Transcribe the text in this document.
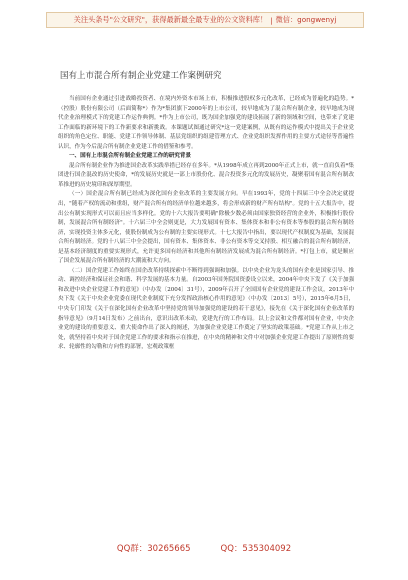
关注头条号"公文研究"，获得最新最全最专业的公文资料库！ | 微信：gongwenyj
国有上市混合所有制企业党建工作案例研究

当前国有企业通过引进战略投资者、在境内外资本市场上市，积极推进股权多元化改革，已经成为普遍化的趋势。*（控股）股份有限公司（后面简称*）作为*集团旗下2000年的上市公司，较早地成为了混合所有制企业，较早地成为现代企业治理模式下的党建工作运作典例。*作为上市公司，既为国企加强党的建设拓展了新的领域和空间，也带来了党建工作面临的新环境下的工作新要求和新挑战。本课题试图通过研究*这一党建案例，从既有的运作模式中提出关于企业党组织的角色定位、职能、党建工作领导体制、基层党组织的组建管理方式、企业党组织发挥作用的主要方式途径等普遍性认识，作为今后混合所有制企业党建工作的借鉴和参考。

一、国有上市混合所有制企业党建工作的研究背景

混合所有制企业作为推进国企改革实践举措已经存在多年。*从1998年成立再到2000年正式上市，就一直肩负着*集团进行国企混改的历史使命，*的发展历史就是一部上市股份化、混合投资多元化的发展历史，凝聚着国有混合所有制改革推进的历史境印和深厚期望。

（一）国企混合所有制已经成为深化国有企业改革的主要发展方向。早在1993年，党的十四届三中全会决定就提出，"随着产权的流动和重组，财产混合所有的经济单位越来越多，将会形成新的财产所有结构"。党的十五大报告中，提出公有制实现形式可以而且应当多样化。党的十六大报告要明确"除极少数必须由国家独资经营的企业外，积极推行股份制，发展混合所有制经济"。十六届三中全会则更是，大力发展国有资本、集体资本和非公有资本等参股的混合所有制经济，实现投资主体多元化，使股份制成为公有制的主要实现形式。十七大报告中指出，要以现代产权制度为基础，发展混合所有制经济。党的十八届三中全会提出，国有资本、集体资本、非公有资本等交叉持股、相互融合的混合所有制经济，是基本经济制度的重要实现形式，允许更多国有经济和其他所有制经济发展成为混合所有制经济。*打包上市，就是顺应了国企发展混合所有制经济的大潮流和大方向。

（二）国企党建工作始终在国企改革持续探索中不断得到强调和加强。以中央企业为龙头的国有企业是国家引导、推动、调控经济和保证社会和谐、科学发展的基本力量。自2003年国务院国资委设立以来，2004年中央下发了《关于加强和改进中央企业党建工作的意见》（中办发〔2004〕31号），2009年召开了全国国有企业党的建设工作会议，2013年中央下发《关于中央企业党委在现代企业制度下充分发挥政治核心作用的意见》（中办发〔2013〕5号），2015年6月5日，中央专门印发《关于在深化国有企业改革中坚持党的领导加强党的建设的若干意见》，接先在《关于深化国有企业改革的指导意见》（9月14日发布）之前出台，意识出改革未动，党建先行的工作布局。以上会议和文件都对国有企业，中央企业党的建设的重要意义、重大使命作出了深入的阐述，为加强企业党建工作奠定了坚实的政策基础。*党建工作从上市之处，就坚持着中央对于国企党建工作的要求和指示在推进，在中央的精神和文件中对加强企业党建工作提出了原则性的要求、轮廓性的勾勒和方向性的部署，宏观政策框

QQ群：30265665	QQ：535304092
